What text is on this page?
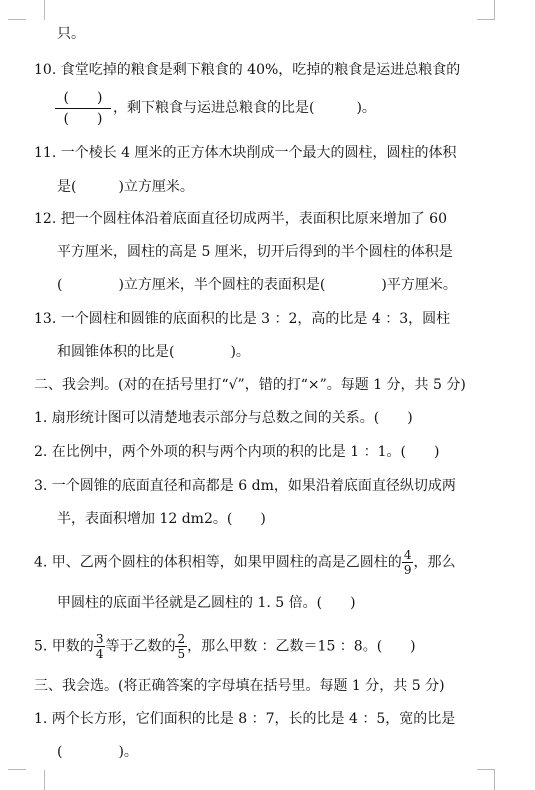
只。
10. 食堂吃掉的粮食是剩下粮食的 40%，吃掉的粮食是运进总粮食的
(　　)
(　　)
，剩下粮食与运进总粮食的比是(　　　)。
11. 一个棱长 4 厘米的正方体木块削成一个最大的圆柱，圆柱的体积
是(　　　)立方厘米。
12. 把一个圆柱体沿着底面直径切成两半，表面积比原来增加了 60
平方厘米，圆柱的高是 5 厘米，切开后得到的半个圆柱的体积是
(　　　　)立方厘米，半个圆柱的表面积是(　　　　)平方厘米。
13. 一个圆柱和圆锥的底面积的比是 3 ：2，高的比是 4 ：3，圆柱
和圆锥体积的比是(　　　　)。
二、我会判。(对的在括号里打“√”，错的打“×”。每题 1 分，共 5 分)
1. 扇形统计图可以清楚地表示部分与总数之间的关系。(　　)
2. 在比例中，两个外项的积与两个内项的积的比是 1 ：1。(　　)
3. 一个圆锥的底面直径和高都是 6 dm，如果沿着底面直径纵切成两
半，表面积增加 12 dm2。(　　)
4. 甲、乙两个圆柱的体积相等，如果甲圆柱的高是乙圆柱的 $\frac{4}{9}$ ，那么
甲圆柱的底面半径就是乙圆柱的 1. 5 倍。(　　)
5. 甲数的 $\frac{3}{4}$ 等于乙数的 $\frac{2}{5}$ ，那么甲数 ：乙数＝15 ：8。(　　)
三、我会选。(将正确答案的字母填在括号里。每题 1 分，共 5 分)
1. 两个长方形，它们面积的比是 8 ：7，长的比是 4 ：5，宽的比是
(　　　　)。
